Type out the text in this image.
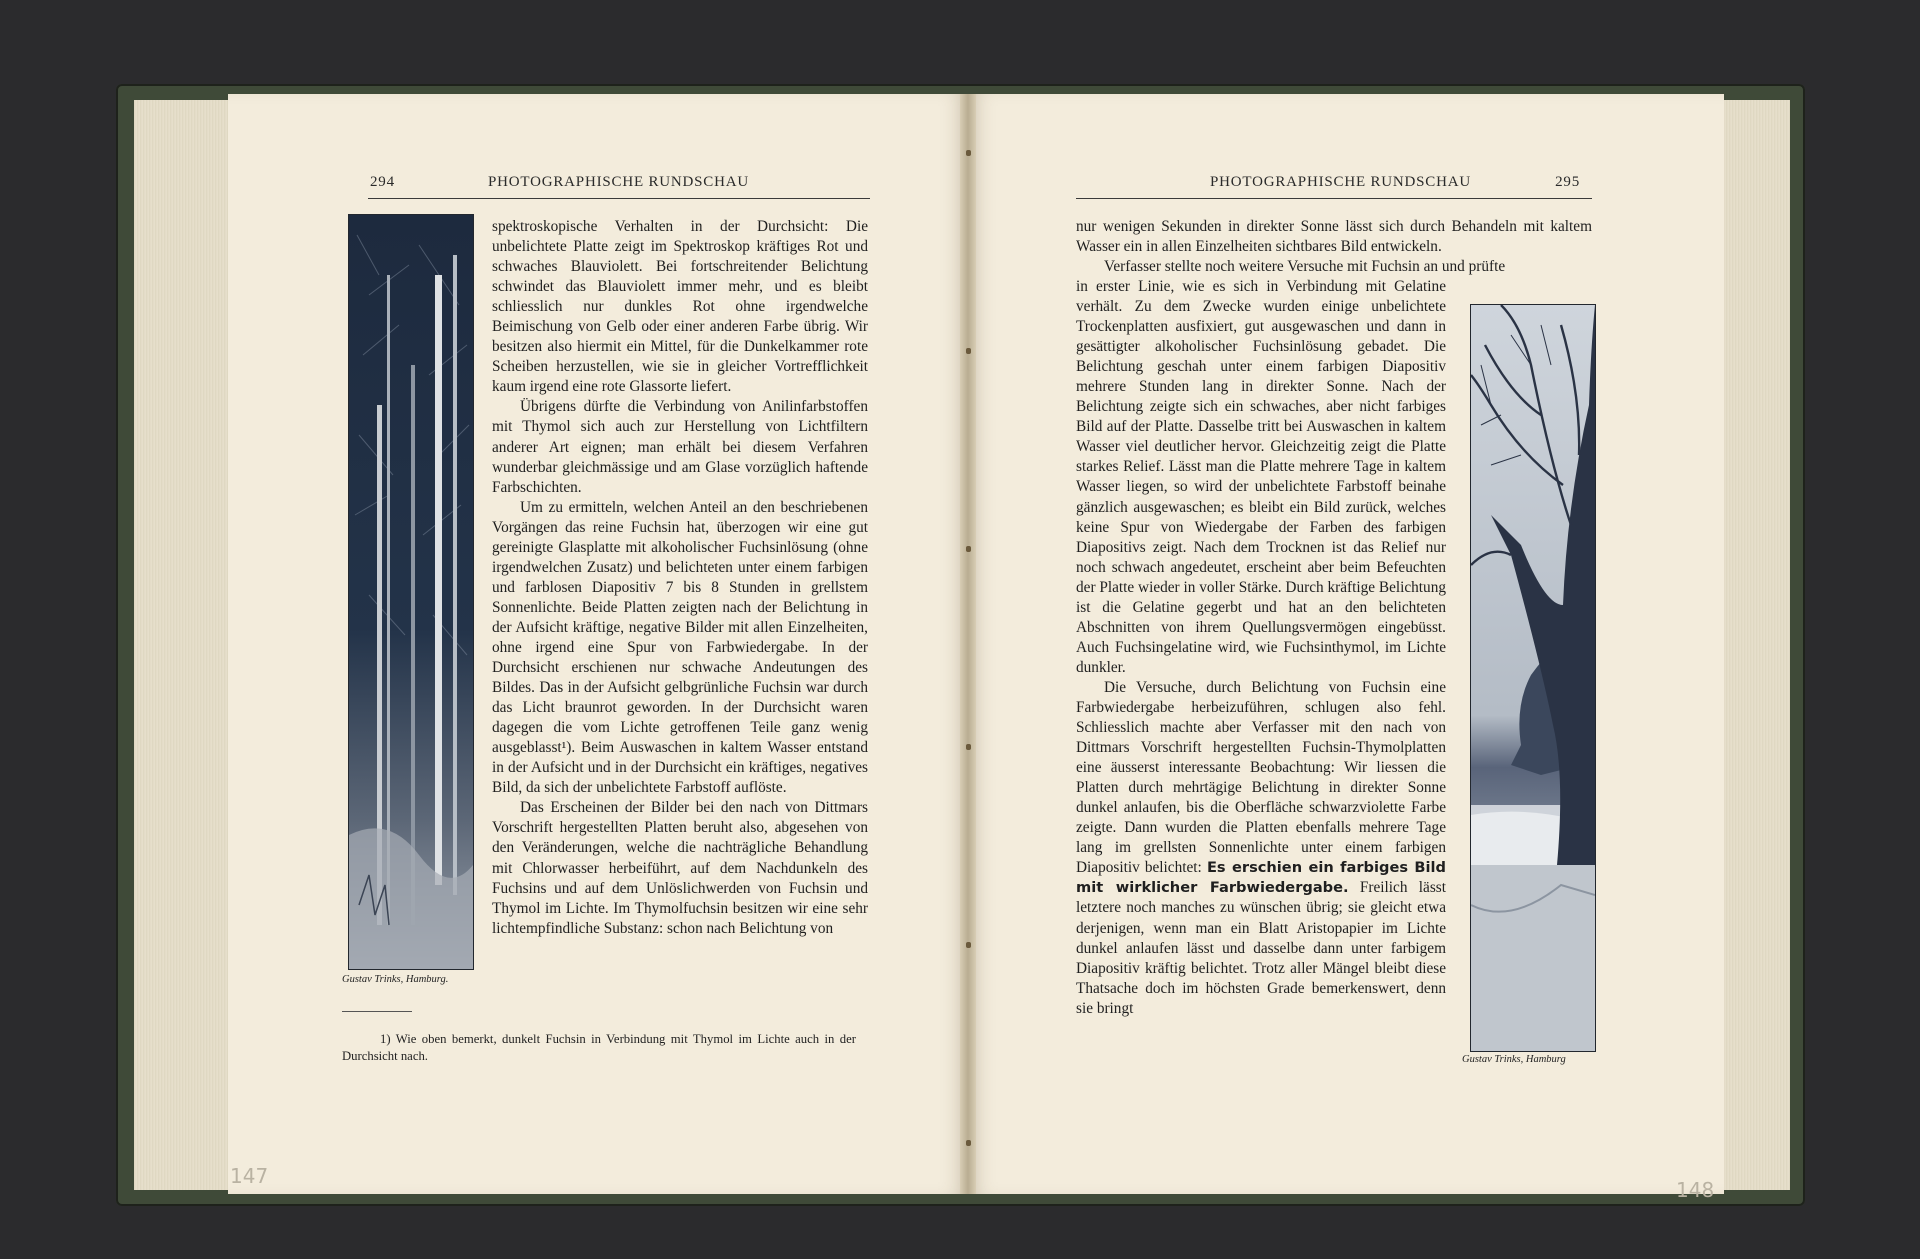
294	PHOTOGRAPHISCHE RUNDSCHAU
Gustav Trinks, Hamburg.

spektroskopische Verhalten in der Durchsicht: Die unbelichtete Platte zeigt im Spektroskop kräftiges Rot und schwaches Blauviolett. Bei fortschreitender Belichtung schwindet das Blauviolett immer mehr, und es bleibt schliesslich nur dunkles Rot ohne irgendwelche Beimischung von Gelb oder einer anderen Farbe übrig. Wir besitzen also hiermit ein Mittel, für die Dunkelkammer rote Scheiben herzustellen, wie sie in gleicher Vortrefflichkeit kaum irgend eine rote Glassorte liefert.

Übrigens dürfte die Verbindung von Anilinfarbstoffen mit Thymol sich auch zur Herstellung von Lichtfiltern anderer Art eignen; man erhält bei diesem Verfahren wunderbar gleichmässige und am Glase vorzüglich haftende Farbschichten.

Um zu ermitteln, welchen Anteil an den beschriebenen Vorgängen das reine Fuchsin hat, überzogen wir eine gut gereinigte Glasplatte mit alkoholischer Fuchsinlösung (ohne irgendwelchen Zusatz) und belichteten unter einem farbigen und farblosen Diapositiv 7 bis 8 Stunden in grellstem Sonnenlichte. Beide Platten zeigten nach der Belichtung in der Aufsicht kräftige, negative Bilder mit allen Einzelheiten, ohne irgend eine Spur von Farbwiedergabe. In der Durchsicht erschienen nur schwache Andeutungen des Bildes. Das in der Aufsicht gelbgrünliche Fuchsin war durch das Licht braunrot geworden. In der Durchsicht waren dagegen die vom Lichte getroffenen Teile ganz wenig ausgeblasst¹). Beim Auswaschen in kaltem Wasser entstand in der Aufsicht und in der Durchsicht ein kräftiges, negatives Bild, da sich der unbelichtete Farbstoff auflöste.

Das Erscheinen der Bilder bei den nach von Dittmars Vorschrift hergestellten Platten beruht also, abgesehen von den Veränderungen, welche die nachträgliche Behandlung mit Chlorwasser herbeiführt, auf dem Nachdunkeln des Fuchsins und auf dem Unlöslichwerden von Fuchsin und Thymol im Lichte. Im Thymolfuchsin besitzen wir eine sehr lichtempfindliche Substanz: schon nach Belichtung von

1) Wie oben bemerkt, dunkelt Fuchsin in Verbindung mit Thymol im Lichte auch in der Durchsicht nach.
147
PHOTOGRAPHISCHE RUNDSCHAU	295
Gustav Trinks, Hamburg

nur wenigen Sekunden in direkter Sonne lässt sich durch Behandeln mit kaltem Wasser ein in allen Einzelheiten sichtbares Bild entwickeln.

Verfasser stellte noch weitere Versuche mit Fuchsin an und prüfte

in erster Linie, wie es sich in Verbindung mit Gelatine verhält. Zu dem Zwecke wurden einige unbelichtete Trockenplatten ausfixiert, gut ausgewaschen und dann in gesättigter alkoholischer Fuchsinlösung gebadet. Die Belichtung geschah unter einem farbigen Diapositiv mehrere Stunden lang in direkter Sonne. Nach der Belichtung zeigte sich ein schwaches, aber nicht farbiges Bild auf der Platte. Dasselbe tritt bei Auswaschen in kaltem Wasser viel deutlicher hervor. Gleichzeitig zeigt die Platte starkes Relief. Lässt man die Platte mehrere Tage in kaltem Wasser liegen, so wird der unbelichtete Farbstoff beinahe gänzlich ausgewaschen; es bleibt ein Bild zurück, welches keine Spur von Wiedergabe der Farben des farbigen Diapositivs zeigt. Nach dem Trocknen ist das Relief nur noch schwach angedeutet, erscheint aber beim Befeuchten der Platte wieder in voller Stärke. Durch kräftige Belichtung ist die Gelatine gegerbt und hat an den belichteten Abschnitten von ihrem Quellungsvermögen eingebüsst. Auch Fuchsingelatine wird, wie Fuchsinthymol, im Lichte dunkler.

Die Versuche, durch Belichtung von Fuchsin eine Farbwiedergabe herbeizuführen, schlugen also fehl. Schliesslich machte aber Verfasser mit den nach von Dittmars Vorschrift hergestellten Fuchsin-Thymolplatten eine äusserst interessante Beobachtung: Wir liessen die Platten durch mehrtägige Belichtung in direkter Sonne dunkel anlaufen, bis die Oberfläche schwarzviolette Farbe zeigte. Dann wurden die Platten ebenfalls mehrere Tage lang im grellsten Sonnenlichte unter einem farbigen Diapositiv belichtet: Es erschien ein farbiges Bild mit wirklicher Farbwiedergabe. Freilich lässt letztere noch manches zu wünschen übrig; sie gleicht etwa derjenigen, wenn man ein Blatt Aristopapier im Lichte dunkel anlaufen lässt und dasselbe dann unter farbigem Diapositiv kräftig belichtet. Trotz aller Mängel bleibt diese Thatsache doch im höchsten Grade bemerkenswert, denn sie bringt

148
